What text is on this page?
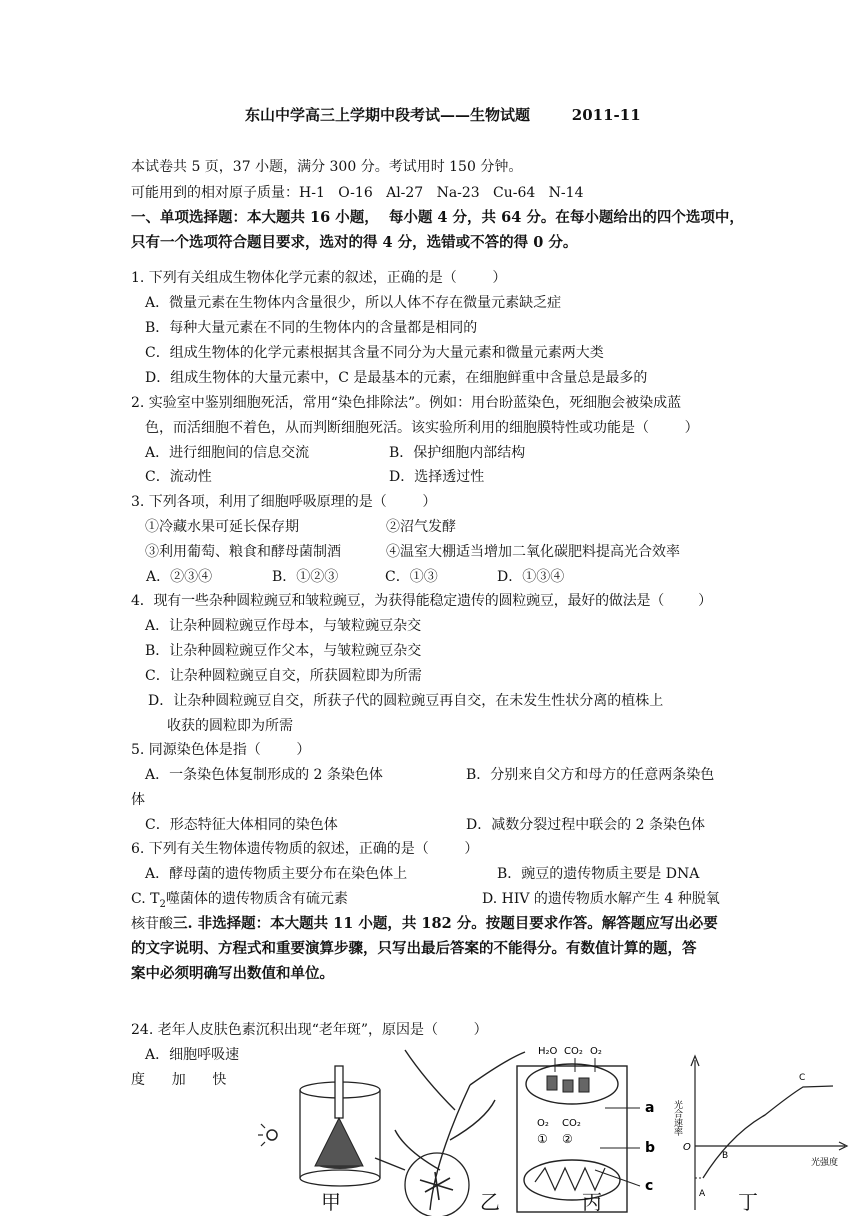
东山中学高三上学期中段考试——生物试题	2011-11
本试卷共 5 页，37 小题，满分 300 分。考试用时 150 分钟。
可能用到的相对原子质量：H-1   O-16   Al-27   Na-23   Cu-64   N-14
一、单项选择题：本大题共 16 小题，  每小题 4 分，共 64 分。在每小题给出的四个选项中，
只有一个选项符合题目要求，选对的得 4 分，选错或不答的得 0 分。
1. 下列有关组成生物体化学元素的叙述，正确的是（        ）
A．微量元素在生物体内含量很少，所以人体不存在微量元素缺乏症
B．每种大量元素在不同的生物体内的含量都是相同的
C．组成生物体的化学元素根据其含量不同分为大量元素和微量元素两大类
D．组成生物体的大量元素中，C 是最基本的元素，在细胞鲜重中含量总是最多的
2. 实验室中鉴别细胞死活，常用“染色排除法”。例如：用台盼蓝染色，死细胞会被染成蓝
色，而活细胞不着色，从而判断细胞死活。该实验所利用的细胞膜特性或功能是（        ）
A．进行细胞间的信息交流	B．保护细胞内部结构
C．流动性	D．选择透过性
3. 下列各项，利用了细胞呼吸原理的是（        ）
①冷藏水果可延长保存期	②沼气发酵
③利用葡萄、粮食和酵母菌制酒	④温室大棚适当增加二氧化碳肥料提高光合效率
A．②③④	B．①②③	C．①③	D．①③④
4．现有一些杂种圆粒豌豆和皱粒豌豆，为获得能稳定遗传的圆粒豌豆，最好的做法是（        ）
A．让杂种圆粒豌豆作母本，与皱粒豌豆杂交
B．让杂种圆粒豌豆作父本，与皱粒豌豆杂交
C．让杂种圆粒豌豆自交，所获圆粒即为所需
D．让杂种圆粒豌豆自交，所获子代的圆粒豌豆再自交，在未发生性状分离的植株上
收获的圆粒即为所需
5. 同源染色体是指（        ）
A．一条染色体复制形成的 2 条染色体	B．分别来自父方和母方的任意两条染色
体
C．形态特征大体相同的染色体	D．减数分裂过程中联会的 2 条染色体
6. 下列有关生物体遗传物质的叙述，正确的是（        ）
A．酵母菌的遗传物质主要分布在染色体上	B．豌豆的遗传物质主要是 DNA
C. $T_2$噬菌体的遗传物质含有硫元素	D. HIV 的遗传物质水解产生 4 种脱氧
核苷酸三. 非选择题：本大题共 11 小题，共 182 分。按题目要求作答。解答题应写出必要
的文字说明、方程式和重要演算步骤，只写出最后答案的不能得分。有数值计算的题，答
案中必须明确写出数值和单位。
24. 老年人皮肤色素沉积出现“老年斑”，原因是（        ）
A．细胞呼吸速
度      加      快
H₂O CO₂ O₂
O₂ CO₂
① ②
a
b
c
光合速率
光强度
O
A
B
C
甲	乙	丙	丁
